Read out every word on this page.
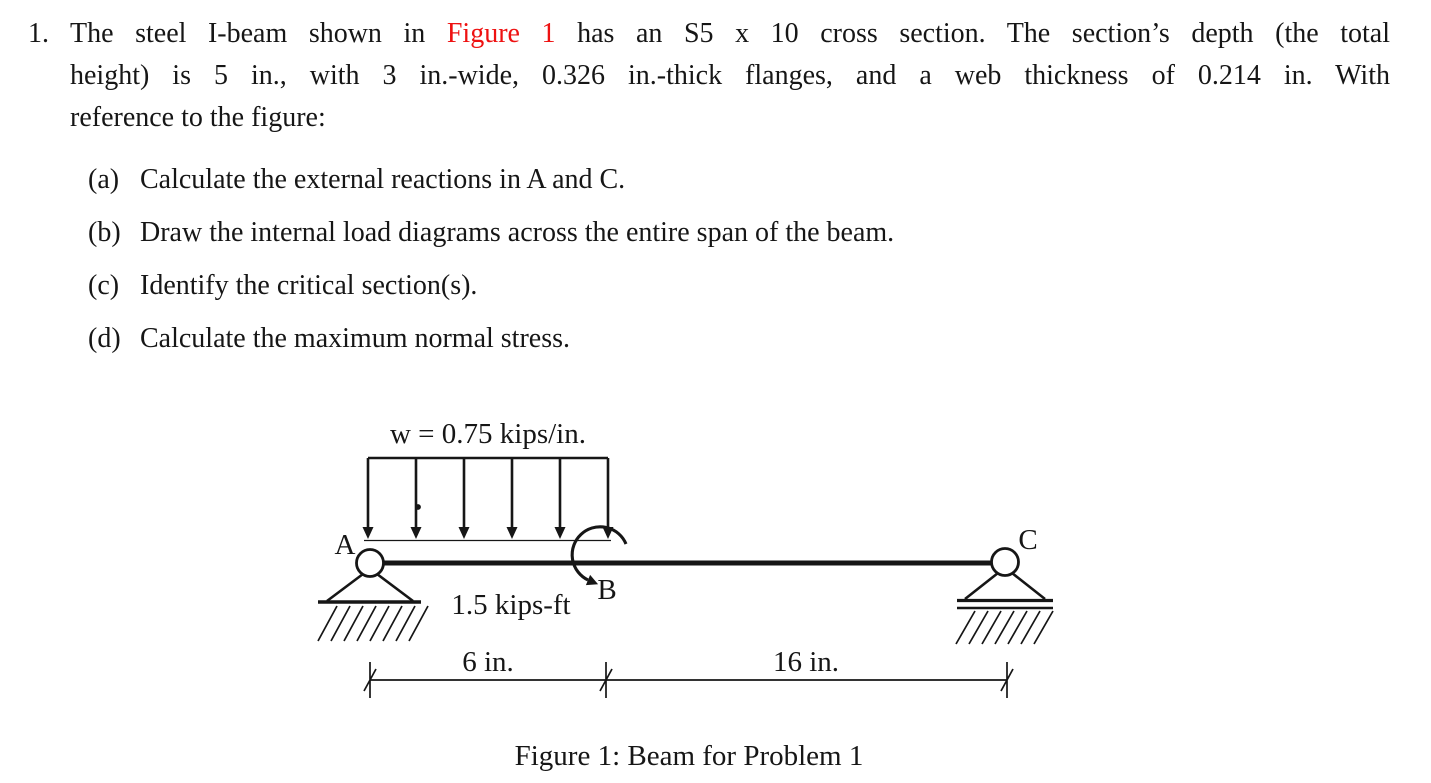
1. The steel I-beam shown in Figure 1 has an S5 x 10 cross section. The section’s depth (the total
height) is 5 in., with 3 in.-wide, 0.326 in.-thick flanges, and a web thickness of 0.214 in. With
reference to the figure:
(a) Calculate the external reactions in A and C.
(b) Draw the internal load diagrams across the entire span of the beam.
(c) Identify the critical section(s).
(d) Calculate the maximum normal stress.
w = 0.75 kips/in.
A
B
C
1.5 kips-ft
6 in.	16 in.
Figure 1: Beam for Problem 1
